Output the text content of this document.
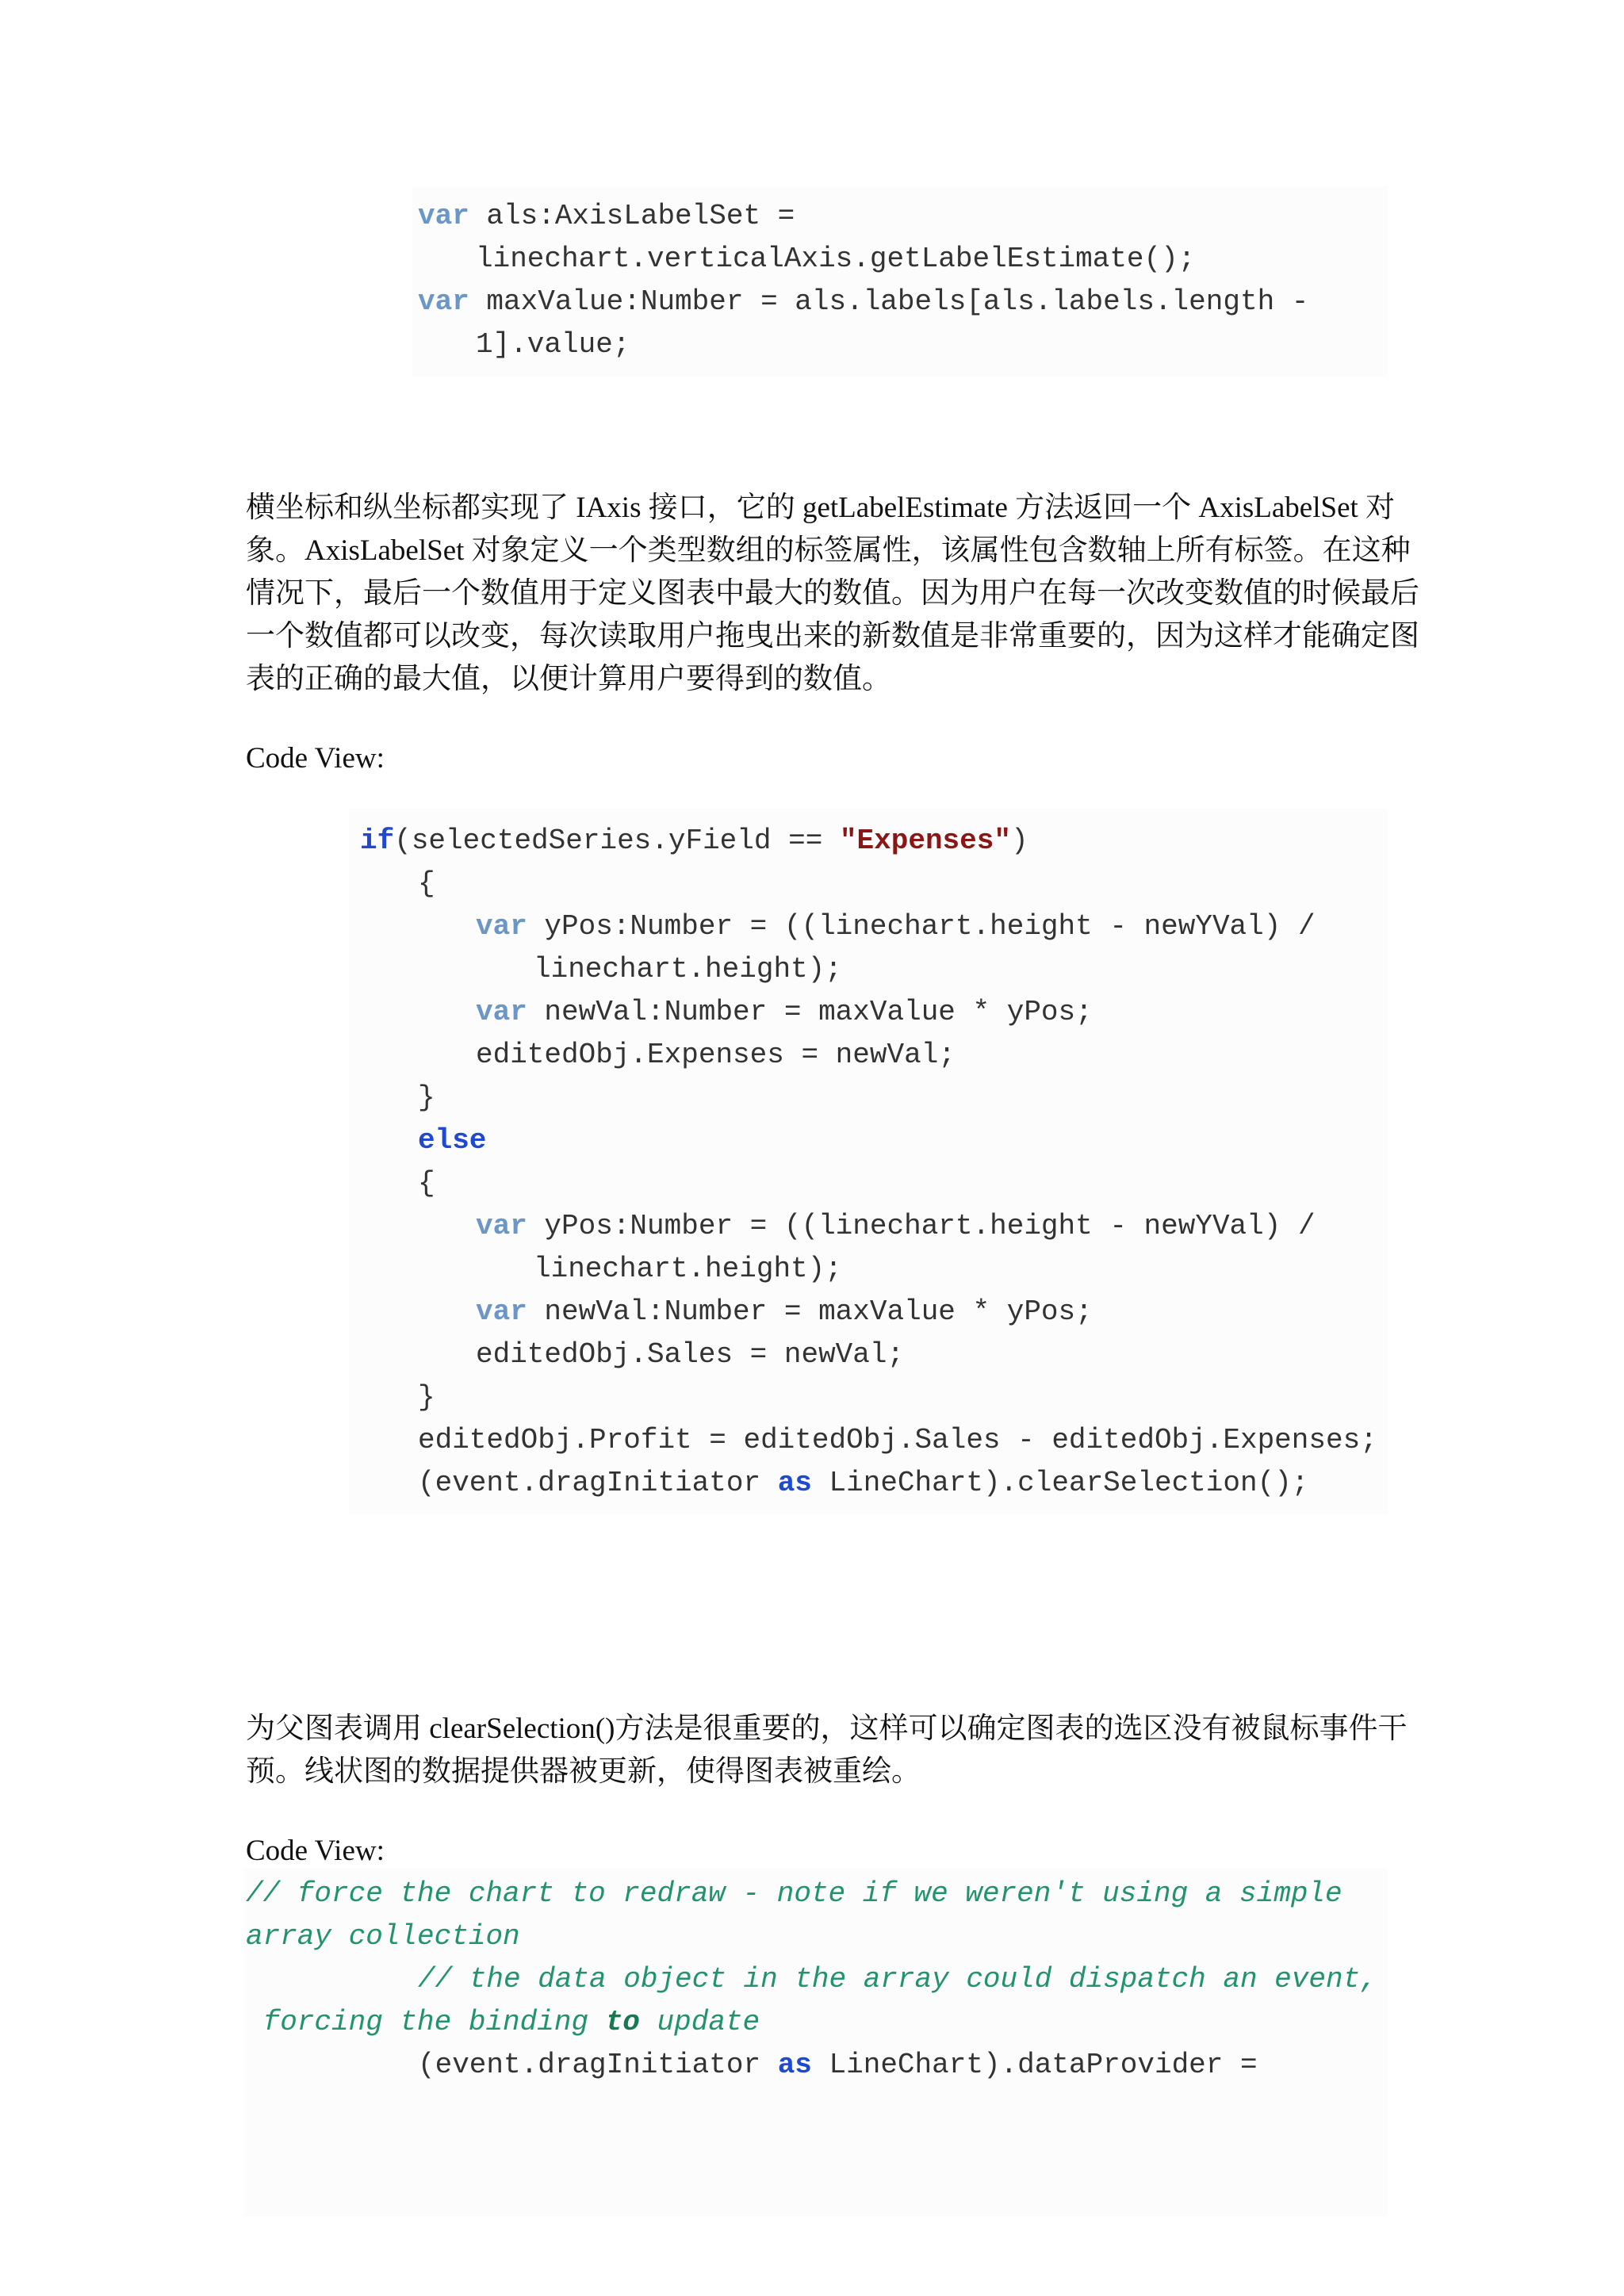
var als:AxisLabelSet =
linechart.verticalAxis.getLabelEstimate();
var maxValue:Number = als.labels[als.labels.length -
1].value;
横坐标和纵坐标都实现了 IAxis 接口，它的 getLabelEstimate 方法返回一个 AxisLabelSet 对
象。AxisLabelSet 对象定义一个类型数组的标签属性，该属性包含数轴上所有标签。在这种
情况下，最后一个数值用于定义图表中最大的数值。因为用户在每一次改变数值的时候最后
一个数值都可以改变，每次读取用户拖曳出来的新数值是非常重要的，因为这样才能确定图
表的正确的最大值，以便计算用户要得到的数值。
Code View:
if(selectedSeries.yField == "Expenses")
{
var yPos:Number = ((linechart.height - newYVal) /
linechart.height);
var newVal:Number = maxValue * yPos;
editedObj.Expenses = newVal;
}
else
{
var yPos:Number = ((linechart.height - newYVal) /
linechart.height);
var newVal:Number = maxValue * yPos;
editedObj.Sales = newVal;
}
editedObj.Profit = editedObj.Sales - editedObj.Expenses;
(event.dragInitiator as LineChart).clearSelection();
为父图表调用 clearSelection()方法是很重要的，这样可以确定图表的选区没有被鼠标事件干
预。线状图的数据提供器被更新，使得图表被重绘。
Code View:
// force the chart to redraw - note if we weren't using a simple
array collection
// the data object in the array could dispatch an event,
forcing the binding to update
(event.dragInitiator as LineChart).dataProvider =
